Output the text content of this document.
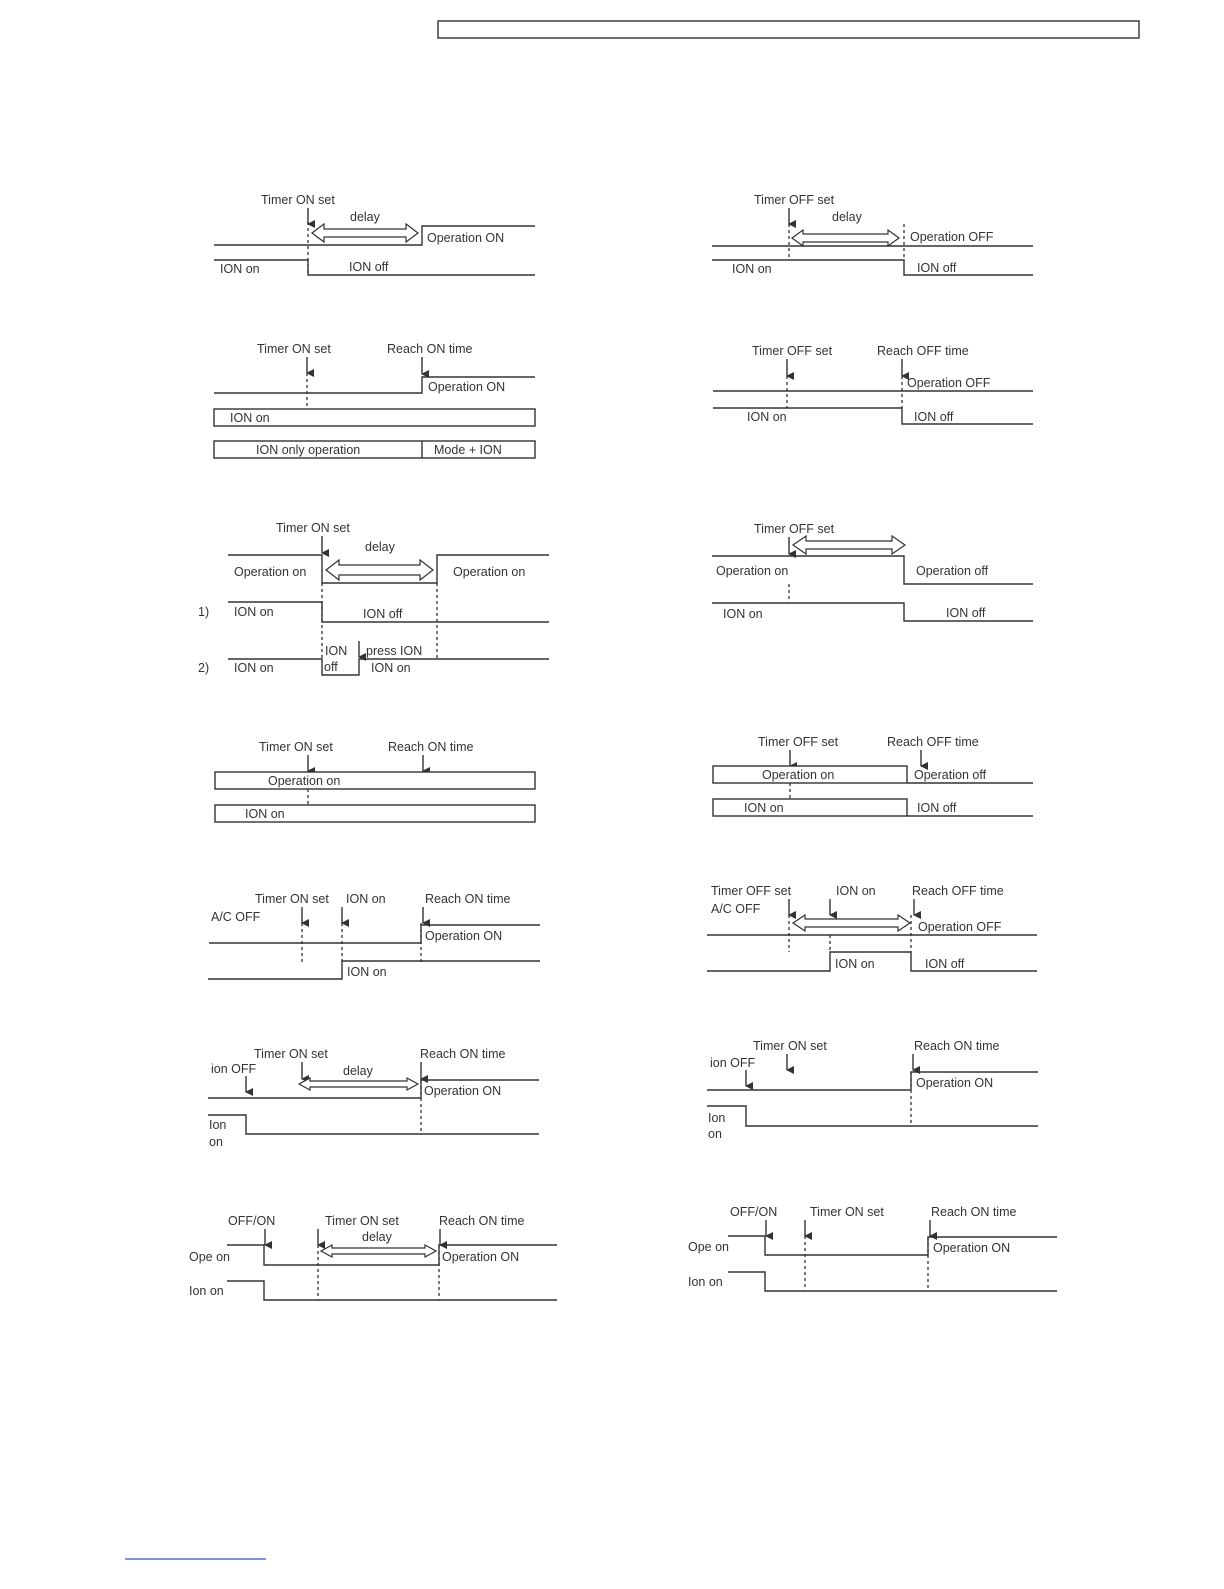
Timer ON set
delay
Operation ON
ION on	ION off
Timer OFF set
delay
Operation OFF
ION on	ION off
Timer ON set	Reach ON time
Operation ON
ION on
ION only operation	Mode + ION
Timer OFF set	Reach OFF time
Operation OFF
ION on	ION off
Timer ON set
delay
Operation on	Operation on
1) ION on	ION off
2) ION on
ION
off
press ION
ION on
Timer OFF set
Operation on	Operation off
ION on	ION off
Timer ON set	Reach ON time
Operation on
ION on
Timer OFF set	Reach OFF time
Operation on	Operation off
ION on	ION off
Timer ON set ION on	Reach ON time
A/C OFF
Operation ON
ION on
Timer OFF set
A/C OFF
ION on	Reach OFF time
Operation OFF
ION on	ION off
Timer ON set	Reach ON time
ion OFF	delay
Operation ON
Ion
on
Timer ON set	Reach ON time
ion OFF
Operation ON
Ion
on
OFF/ON	Timer ON set	Reach ON time
delay
Ope on	Operation ON
Ion on
OFF/ON	Timer ON set	Reach ON time
Ope on	Operation ON
Ion on
